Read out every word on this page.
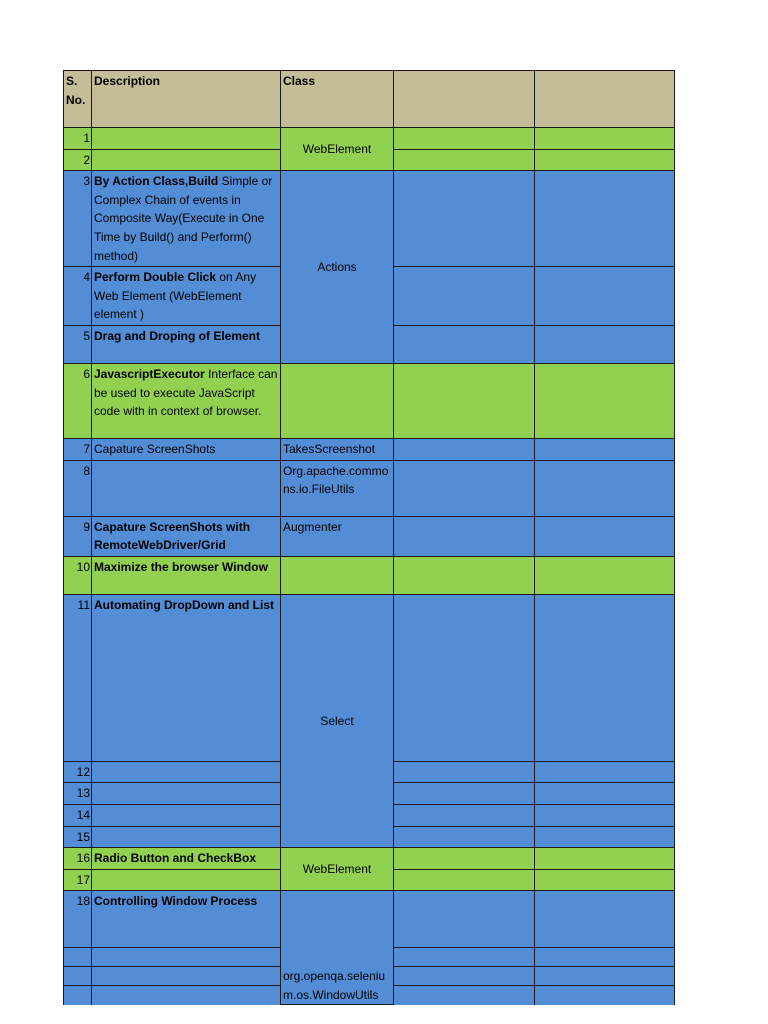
S. No.	Description	Class		
1		WebElement		
2				
3	By Action Class,Build Simple or Complex Chain of events in Composite Way(Execute in One Time by Build() and Perform() method)	Actions		
4	Perform Double Click on Any Web Element (WebElement element )			
5	Drag and Droping of Element			
6	JavascriptExecutor Interface can be used to execute JavaScript code with in context of browser.			
7	Capature ScreenShots	TakesScreenshot		
8		Org.apache.commons.io.FileUtils		
9	Capature ScreenShots with RemoteWebDriver/Grid	Augmenter		
10	Maximize the browser Window			
11	Automating DropDown and List	Select		
12				
13				
14				
15				
16	Radio Button and CheckBox	WebElement		
17				
18	Controlling Window Process	org.openqa.selenium.os.WindowUtils		
